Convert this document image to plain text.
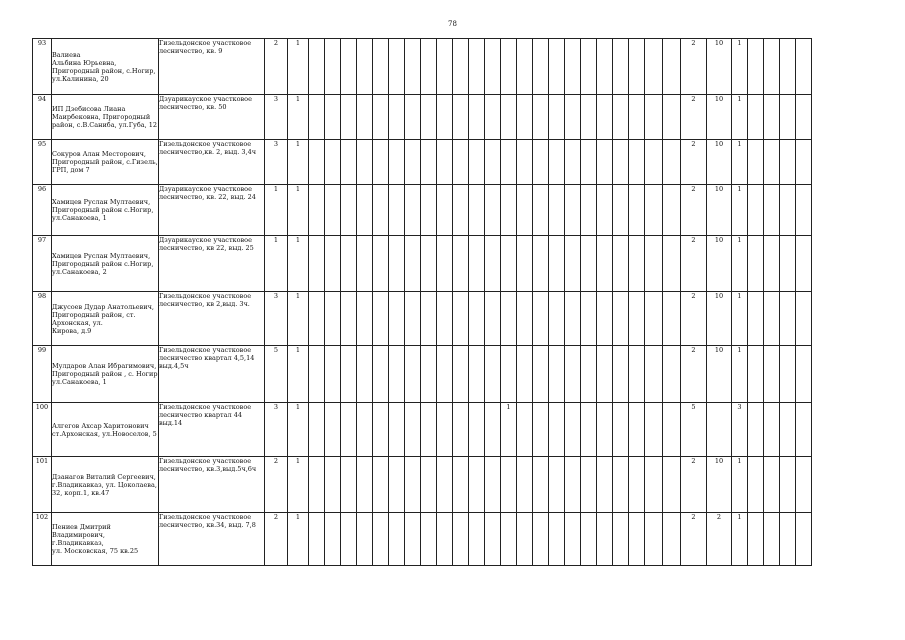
78
93	Валиева
Альбина Юрьевна,
Пригородный район, с.Ногир,
ул.Калинина, 20	Гизельдонское участковое
лесничество, кв. 9	2	1																								2	10	1				
94	ИП Дзебисова Лиана
Маирбековна, Пригородный
район, с.В.Саниба, ул.Губа, 12	Дзуарикауское участковое
лесничество, кв. 50	3	1																								2	10	1				
95	Сокуров Алан Месторович,
Пригородный район, с.Гизель,
ГРП, дом 7	Гизельдонское участковое
лесничество,кв. 2, выд. 3,4ч	3	1																								2	10	1				
96	Хамицев Руслан Мултаевич,
Пригородный район с.Ногир,
ул.Санакоева, 1	Дзуарикауское участковое
лесничество, кв. 22, выд. 24	1	1																								2	10	1				
97	Хамицев Руслан Мултаевич,
Пригородный район с.Ногир,
ул.Санакоева, 2	Дзуарикауское участковое
лесничество, кв 22, выд. 25	1	1																								2	10	1				
98	Джусоев Дудар Анатольевич,
Пригородный район, ст.
Архонская, ул.
Кирова, д.9	Гизельдонское участковое
лесничество, кв 2,выд. 3ч.	3	1																								2	10	1				
99	Мулдаров Алан Ибрагимович,
Пригородный район , с. Ногир
ул.Санакоева, 1	Гизельдонское участковое
лесничество квартал 4,5,14
выд.4,5ч	5	1																								2	10	1				
100	Алгегов Ахсар Харитонович
ст.Архонская, ул.Новоселов, 5	Гизельдонское участковое
лесничество квартал 44 выд.14	3	1													1											5		3				
101	Дзанагов Виталий Сергеевич,
г.Владикавказ, ул. Цоколаева,
32, корп.1, кв.47	Гизельдонское участковое
лесничество, кв.3,выд.5ч,6ч	2	1																								2	10	1				
102	Пениев Дмитрий
Владимирович, г.Владикавказ,
ул. Московская, 75 кв.25	Гизельдонское участковое
лесничество, кв.34, выд. 7,8	2	1																								2	2	1				
